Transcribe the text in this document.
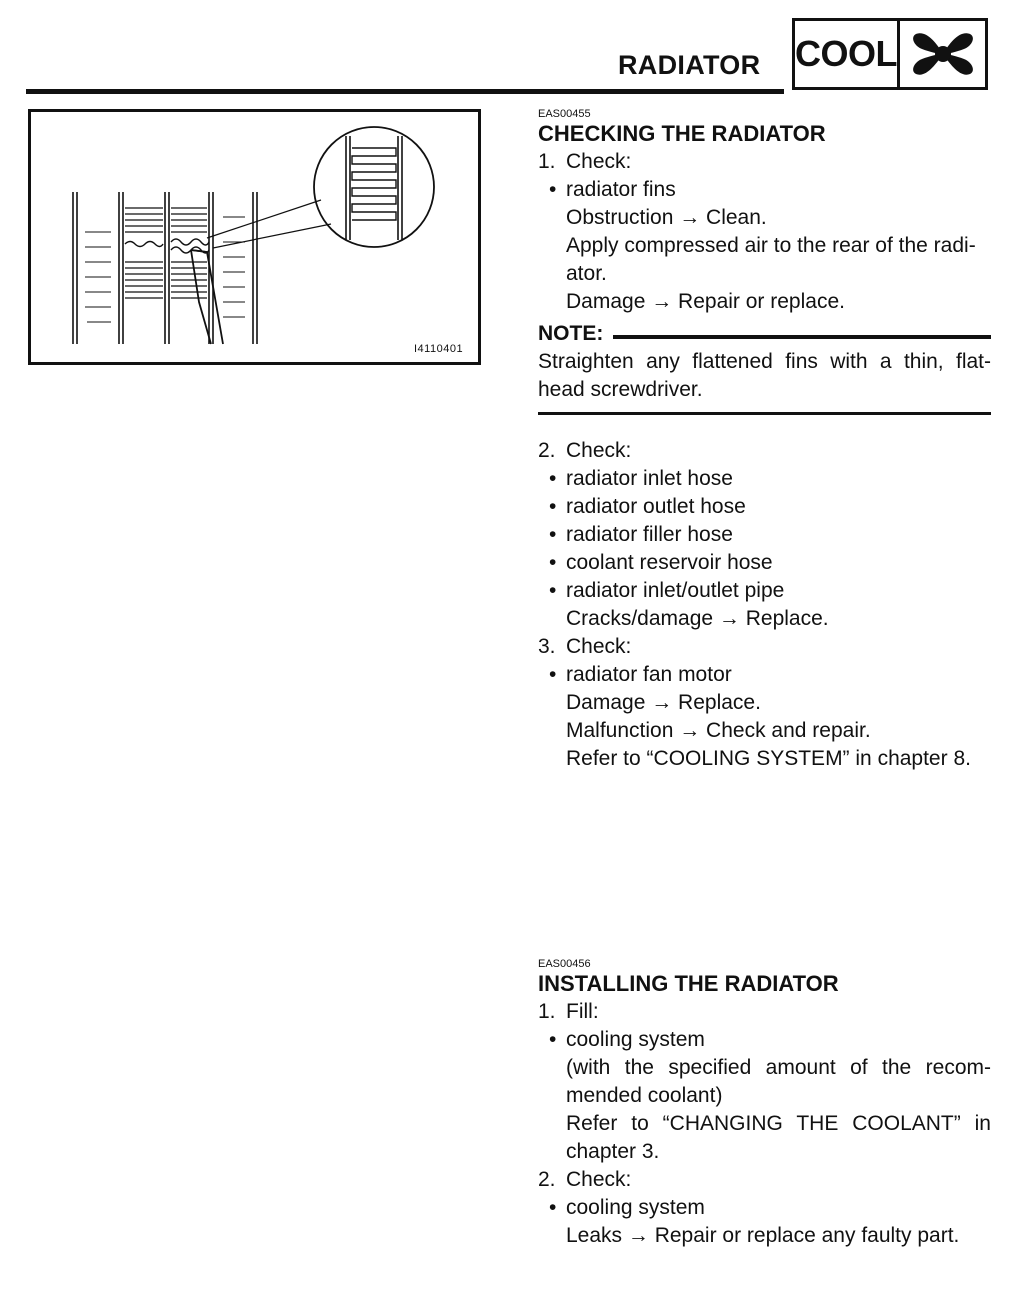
RADIATOR COOL
I4110401
EAS00455
CHECKING THE RADIATOR
1. Check:
• radiator fins
Obstruction → Clean.
Apply compressed air to the rear of the radi-
ator.
Damage → Repair or replace.
NOTE:
Straighten any flattened fins with a thin, flat-
head screwdriver.
2. Check:
• radiator inlet hose
• radiator outlet hose
• radiator filler hose
• coolant reservoir hose
• radiator inlet/outlet pipe
Cracks/damage → Replace.
3. Check:
• radiator fan motor
Damage → Replace.
Malfunction → Check and repair.
Refer to “COOLING SYSTEM” in chapter 8.
EAS00456
INSTALLING THE RADIATOR
1. Fill:
• cooling system
(with the specified amount of the recom-
mended coolant)
Refer to “CHANGING THE COOLANT” in
chapter 3.
2. Check:
• cooling system
Leaks → Repair or replace any faulty part.
